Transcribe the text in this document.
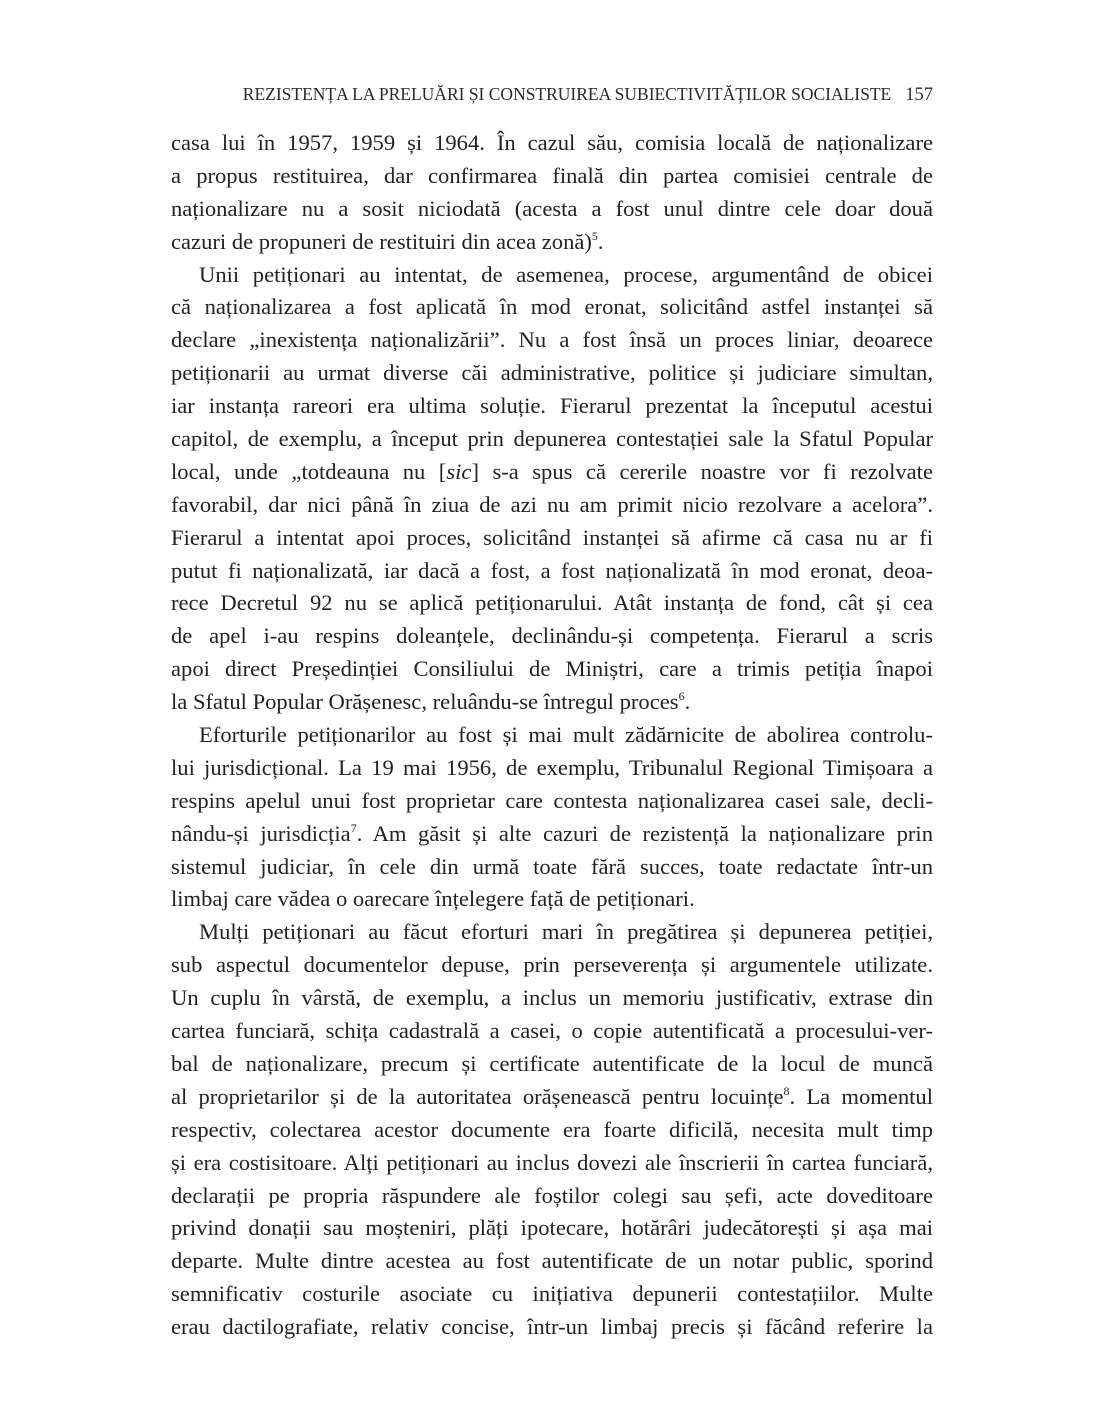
REZISTENȚA LA PRELUĂRI ȘI CONSTRUIREA SUBIECTIVITĂȚILOR SOCIALISTE 157
casa lui în 1957, 1959 și 1964. În cazul său, comisia locală de naționalizare
a propus restituirea, dar confirmarea finală din partea comisiei centrale de
naționalizare nu a sosit niciodată (acesta a fost unul dintre cele doar două
cazuri de propuneri de restituiri din acea zonă)$^5$.
Unii petiționari au intentat, de asemenea, procese, argumentând de obicei
că naționalizarea a fost aplicată în mod eronat, solicitând astfel instanței să
declare „inexistența naționalizării”. Nu a fost însă un proces liniar, deoarece
petiționarii au urmat diverse căi administrative, politice și judiciare simultan,
iar instanța rareori era ultima soluție. Fierarul prezentat la începutul acestui
capitol, de exemplu, a început prin depunerea contestației sale la Sfatul Popular
local, unde „totdeauna nu [sic] s-a spus că cererile noastre vor fi rezolvate
favorabil, dar nici până în ziua de azi nu am primit nicio rezolvare a acelora”.
Fierarul a intentat apoi proces, solicitând instanței să afirme că casa nu ar fi
putut fi naționalizată, iar dacă a fost, a fost naționalizată în mod eronat, deoa-
rece Decretul 92 nu se aplică petiționarului. Atât instanța de fond, cât și cea
de apel i-au respins doleanțele, declinându-și competența. Fierarul a scris
apoi direct Președinției Consiliului de Miniștri, care a trimis petiția înapoi
la Sfatul Popular Orășenesc, reluându-se întregul proces$^6$.
Eforturile petiționarilor au fost și mai mult zădărnicite de abolirea controlu-
lui jurisdicțional. La 19 mai 1956, de exemplu, Tribunalul Regional Timișoara a
respins apelul unui fost proprietar care contesta naționalizarea casei sale, decli-
nându-și jurisdicția$^7$. Am găsit și alte cazuri de rezistență la naționalizare prin
sistemul judiciar, în cele din urmă toate fără succes, toate redactate într-un
limbaj care vădea o oarecare înțelegere față de petiționari.
Mulți petiționari au făcut eforturi mari în pregătirea și depunerea petiției,
sub aspectul documentelor depuse, prin perseverența și argumentele utilizate.
Un cuplu în vârstă, de exemplu, a inclus un memoriu justificativ, extrase din
cartea funciară, schița cadastrală a casei, o copie autentificată a procesului-ver-
bal de naționalizare, precum și certificate autentificate de la locul de muncă
al proprietarilor și de la autoritatea orășenească pentru locuințe$^8$. La momentul
respectiv, colectarea acestor documente era foarte dificilă, necesita mult timp
și era costisitoare. Alți petiționari au inclus dovezi ale înscrierii în cartea funciară,
declarații pe propria răspundere ale foștilor colegi sau șefi, acte doveditoare
privind donații sau moșteniri, plăți ipotecare, hotărâri judecătorești și așa mai
departe. Multe dintre acestea au fost autentificate de un notar public, sporind
semnificativ costurile asociate cu inițiativa depunerii contestațiilor. Multe
erau dactilografiate, relativ concise, într-un limbaj precis și făcând referire la
